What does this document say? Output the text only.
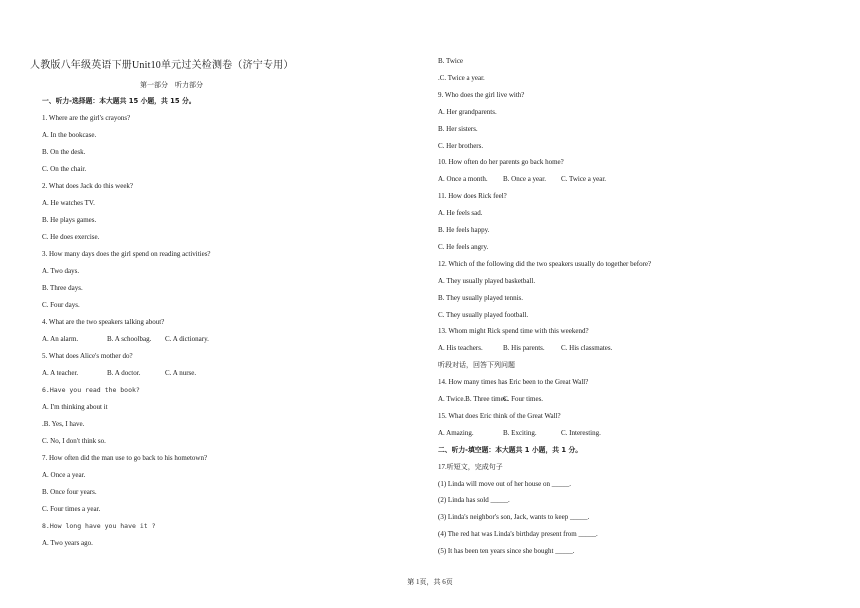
人教版八年级英语下册Unit10单元过关检测卷（济宁专用）
第一部分　听力部分
一、听力-选择题：本大题共 15 小题，共 15 分。
1. Where are the girl's crayons?
A. In the bookcase.
B. On the desk.
C. On the chair.
2. What does Jack do this week?
A. He watches TV.
B. He plays games.
C. He does exercise.
3. How many days does the girl spend on reading activities?
A. Two days.
B. Three days.
C. Four days.
4. What are the two speakers talking about?
A. An alarm.	B. A schoolbag. C. A dictionary.
5. What does Alice's mother do?
A. A teacher.	B. A doctor.	C. A nurse.
6.Have you read the book?
A. I'm thinking about it
.B. Yes, I have.
C. No, I don't think so.
7. How often did the man use to go back to his hometown?
A. Once a year.
B. Once four years.
C. Four times a year.
8.How long have you have it ?
A. Two years ago.
B. Twice
.C. Twice a year.
9. Who does the girl live with?
A. Her grandparents.
B. Her sisters.
C. Her brothers.
10. How often do her parents go back home?
A. Once a month. B. Once a year. C. Twice a year.
11. How does Rick feel?
A. He feels sad.
B. He feels happy.
C. He feels angry.
12. Which of the following did the two speakers usually do together before?
A. They usually played basketball.
B. They usually played tennis.
C. They usually played football.
13. Whom might Rick spend time with this weekend?
A. His teachers.	B. His parents. C. His classmates.
听段对话，回答下列问题
14. How many times has Eric been to the Great Wall?
A. Twice.B. Three times.C. Four times.
15. What does Eric think of the Great Wall?
A. Amazing.	B. Exciting.	C. Interesting.
二、听力-填空题：本大题共 1 小题，共 1 分。
17.听短文，完成句子
(1) Linda will move out of her house on _____.
(2) Linda has sold _____.
(3) Linda's neighbor's son, Jack, wants to keep _____.
(4) The red hat was Linda's birthday present from _____.
(5) It has been ten years since she bought _____.
第 1页，共 6页
